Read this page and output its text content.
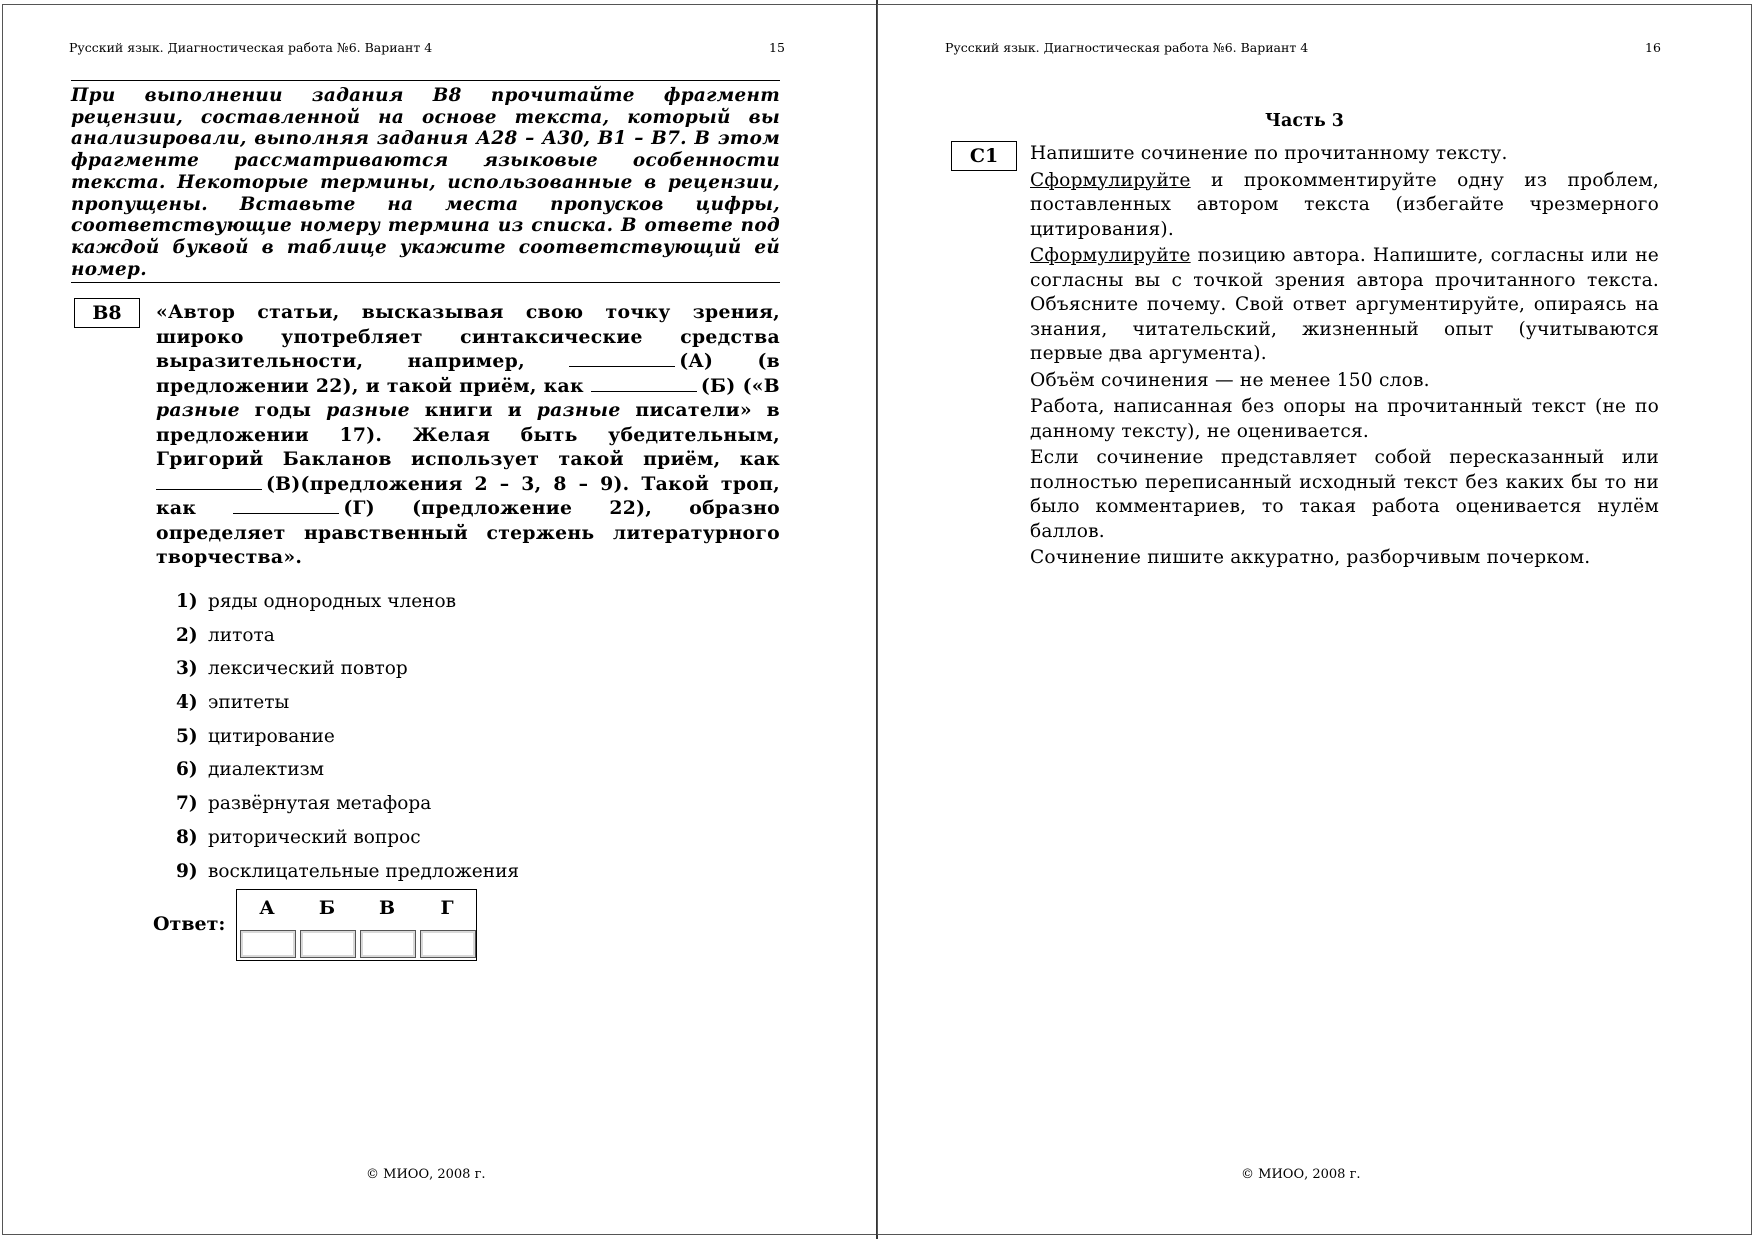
Русский язык. Диагностическая работа №6. Вариант 4	15
При выполнении задания В8 прочитайте фрагмент рецензии, составленной на основе текста, который вы анализировали, выполняя задания А28 – А30, В1 – В7. В этом фрагменте рассматриваются языковые особенности текста. Некоторые термины, использованные в рецензии, пропущены. Вставьте на места пропусков цифры, соответствующие номеру термина из списка. В ответе под каждой буквой в таблице укажите соответствующий ей номер.
В8	«Автор статьи, высказывая свою точку зрения, широко употребляет синтаксические средства выразительности, например,	(А) (в предложении 22), и такой приём, как	(Б) («В разные годы разные книги и разные писатели» в предложении 17). Желая быть убедительным, Григорий Бакланов использует такой приём, как (В)(предложения 2 – 3, 8 – 9). Такой троп, как	(Г) (предложение 22), образно определяет нравственный стержень литературного творчества».
1) ряды однородных членов
2) литота
3) лексический повтор
4) эпитеты
5) цитирование
6) диалектизм
7) развёрнутая метафора
8) риторический вопрос
9) восклицательные предложения
Ответ:
А	Б	В	Г
© МИОО, 2008 г.
Русский язык. Диагностическая работа №6. Вариант 4	16
Часть 3
С1	Напишите сочинение по прочитанному тексту.

Сформулируйте и прокомментируйте одну из проблем, поставленных автором текста (избегайте чрезмерного цитирования).

Сформулируйте позицию автора. Напишите, согласны или не согласны вы с точкой зрения автора прочитанного текста. Объясните почему. Свой ответ аргументируйте, опираясь на знания, читательский, жизненный опыт (учитываются первые два аргумента).

Объём сочинения — не менее 150 слов.

Работа, написанная без опоры на прочитанный текст (не по данному тексту), не оценивается.

Если сочинение представляет собой пересказанный или полностью переписанный исходный текст без каких бы то ни было комментариев, то такая работа оценивается нулём баллов.

Сочинение пишите аккуратно, разборчивым почерком.

© МИОО, 2008 г.
